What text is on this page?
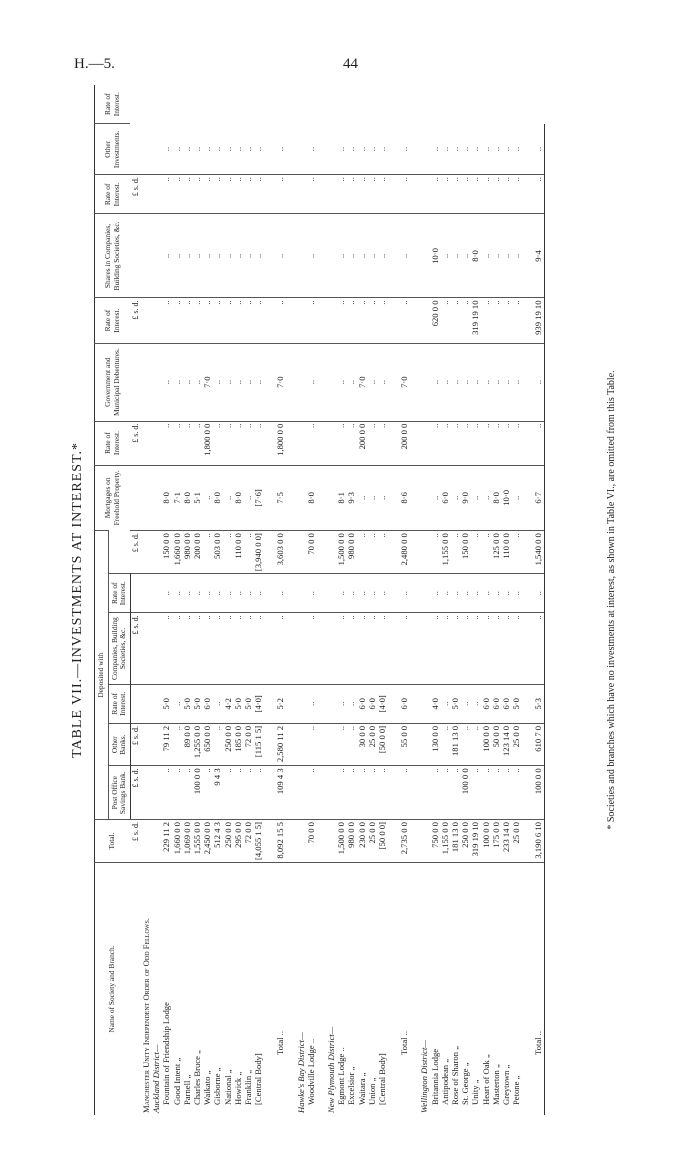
H.—5.	44
TABLE VII.—INVESTMENTS AT INTEREST.*
Name of Society and Branch.	Total.	Deposited with						Mortgages on Freehold Property.	Rate of Interest.	Government and Municipal Debentures.	Rate of Interest.	Shares in Companies, Building Societies, &c.	Rate of Interest.	Other Investments.	Rate of Interest.
		Post Office Savings Bank.	Other Banks.	Rate of Interest.	Companies, Building Societies, &c.	Rate of Interest.								
	£ s. d.	£ s. d.	£ s. d.		£ s. d.		£ s. d.		£ s. d.		£ s. d.		£ s. d.		
Manchester Unity Independent Order of Odd Fellows.															
Auckland District—															
Fountain of Friendship Lodge	229 11 2	..	79 11 2	5·0	..	..	150 0 0	8·0	..	..	..	..	..	..	
Good Intent „	1,660 0 0	..	..	..	..	..	1,660 0 0	7·1	..	..	..	..	..	..	
Parnell „	1,069 0 0	..	89 0 0	5·0	..	..	980 0 0	8·0	..	..	..	..	..	..	
Charles Bruce „	1,555 0 0	100 0 0	1,255 0 0	5·0	..	..	200 0 0	5·1	..	..	..	..	..	..	
Waikato „	2,450 0 0	..	650 0 0	6·0	..	..	..	..	1,800 0 0	7·0	..	..	..	..	
Gisborne „	512 4 3	9 4 3	..	..	..	..	503 0 0	8·0	..	..	..	..	..	..	
National „	250 0 0	..	250 0 0	4·2	..	..	..	..	..	..	..	..	..	..	
Howick „	295 0 0	..	185 0 0	5·0	..	..	110 0 0	8·0	..	..	..	..	..	..	
Franklin „	72 0 0	..	72 0 0	5·0	..	..	..	..	..	..	..	..	..	..	
[Central Body]	[4,055 1 5]	..	[115 1 5]	[4·0]	..	..	[3,940 0 0]	[7·6]	..	..	..	..	..	..	

Total ..	8,092 15 5	109 4 3	2,580 11 2	5·2	..	..	3,603 0 0	7·5	1,800 0 0	7·0	..	..	..	..	

Hawke's Bay District—															
Woodville Lodge ..	70 0 0	..	..	..	..	..	70 0 0	8·0	..	..	..	..	..	..	

New Plymouth District—															
Egmont Lodge ..	1,500 0 0	..	..	..	..	..	1,500 0 0	8·1	..	..	..	..	..	..	
Excelsior „	980 0 0	..	..	..	..	..	980 0 0	9·3	..	..	..	..	..	..	
Waitara „	230 0 0	..	30 0 0	6·0	..	..	..	..	200 0 0	7·0	..	..	..	..	
Union „	25 0 0	..	25 0 0	6·0	..	..	..	..	..	..	..	..	..	..	
[Central Body]	[50 0 0]	..	[50 0 0]	[4·0]	..	..	..	..	..	..	..	..	..	..	

Total ..	2,735 0 0	..	55 0 0	6·0	..	..	2,480 0 0	8·6	200 0 0	7·0	..	..	..	..	

Wellington District—															
Britannia Lodge	750 0 0	..	130 0 0	4·0	..	..	..	..	..	..	620 0 0	10·0	..	..	
Antipodean „	1,155 0 0	..	..	..	..	..	1,155 0 0	6·0	..	..	..	..	..	..	
Rose of Sharon „	181 13 0	..	181 13 0	5·0	..	..	..	..	..	..	..	..	..	..	
St. George „	250 0 0	100 0 0	..	..	..	..	150 0 0	9·0	..	..	..	..	..	..	
Unity „	319 19 10	..	..	..	..	..	..	..	..	..	319 19 10	8·0	..	..	
Heart of Oak „	100 0 0	..	100 0 0	6·0	..	..	..	..	..	..	..	..	..	..	
Masterton „	175 0 0	..	50 0 0	6·0	..	..	125 0 0	8·0	..	..	..	..	..	..	
Greytown „	233 14 0	..	123 14 0	6·0	..	..	110 0 0	10·0	..	..	..	..	..	..	
Petone „	25 0 0	..	25 0 0	5·0	..	..	..	..	..	..	..	..	..	..	

Total ..	3,190 6 10	100 0 0	610 7 0	5·3	..	..	1,540 0 0	6·7	..	..	939 19 10	9·4	..	..	
* Societies and branches which have no investments at interest, as shown in Table VI., are omitted from this Table.
